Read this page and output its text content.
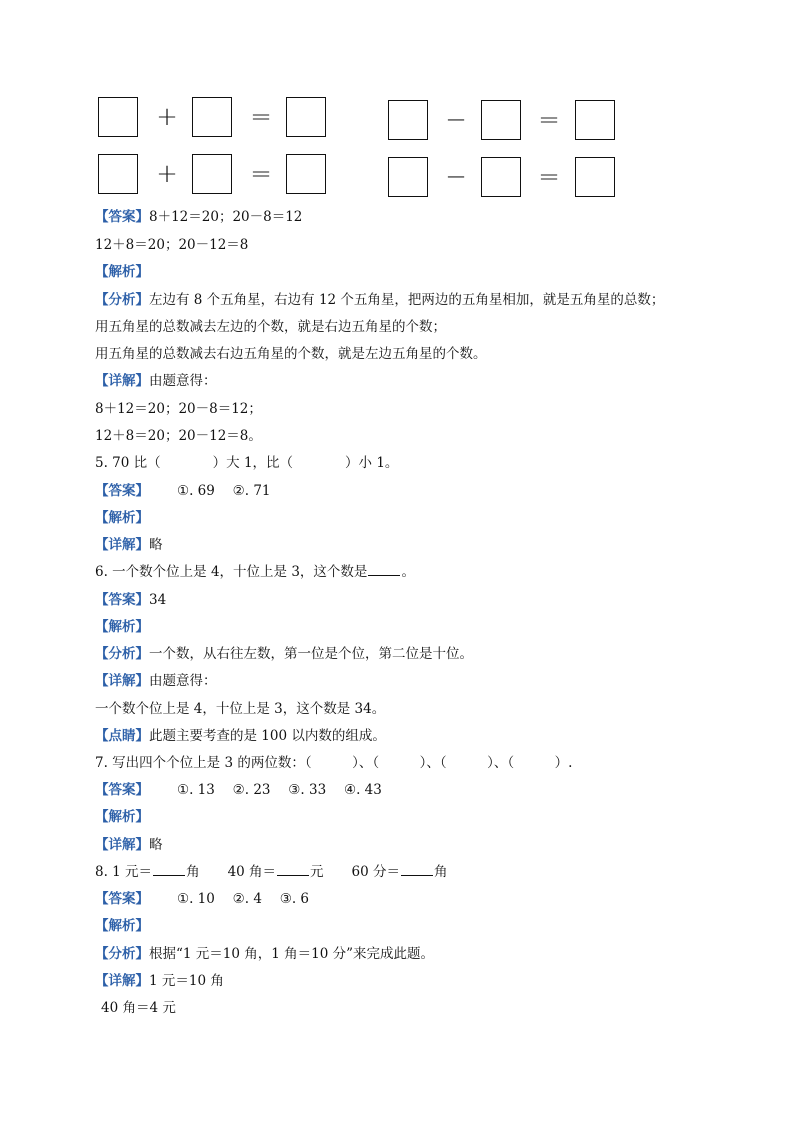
+	=	−	=
+	=	−	=
【答案】8＋12＝20；20－8＝12
12＋8＝20；20－12＝8
【解析】
【分析】左边有 8 个五角星，右边有 12 个五角星，把两边的五角星相加，就是五角星的总数；
用五角星的总数减去左边的个数，就是右边五角星的个数；
用五角星的总数减去右边五角星的个数，就是左边五角星的个数。
【详解】由题意得：
8＋12＝20；20－8＝12；
12＋8＝20；20－12＝8。
5. 70 比（	）大 1，比（	）小 1。
【答案】 ①. 69　 ②. 71
【解析】
【详解】略
6. 一个数个位上是 4，十位上是 3，这个数是	。
【答案】34
【解析】
【分析】一个数，从右往左数，第一位是个位，第二位是十位。
【详解】由题意得：
一个数个位上是 4，十位上是 3，这个数是 34。
【点睛】此题主要考查的是 100 以内数的组成。
7. 写出四个个位上是 3 的两位数：（　　　）、（　　　）、（　　　）、（　　　）.
【答案】 ①. 13　 ②. 23　 ③. 33　 ④. 43
【解析】
【详解】略
8. 1 元＝	角 40 角＝	元 60 分＝	角
【答案】 ①. 10　 ②. 4　 ③. 6
【解析】
【分析】根据“1 元＝10 角，1 角＝10 分”来完成此题。
【详解】1 元＝10 角
40 角＝4 元
